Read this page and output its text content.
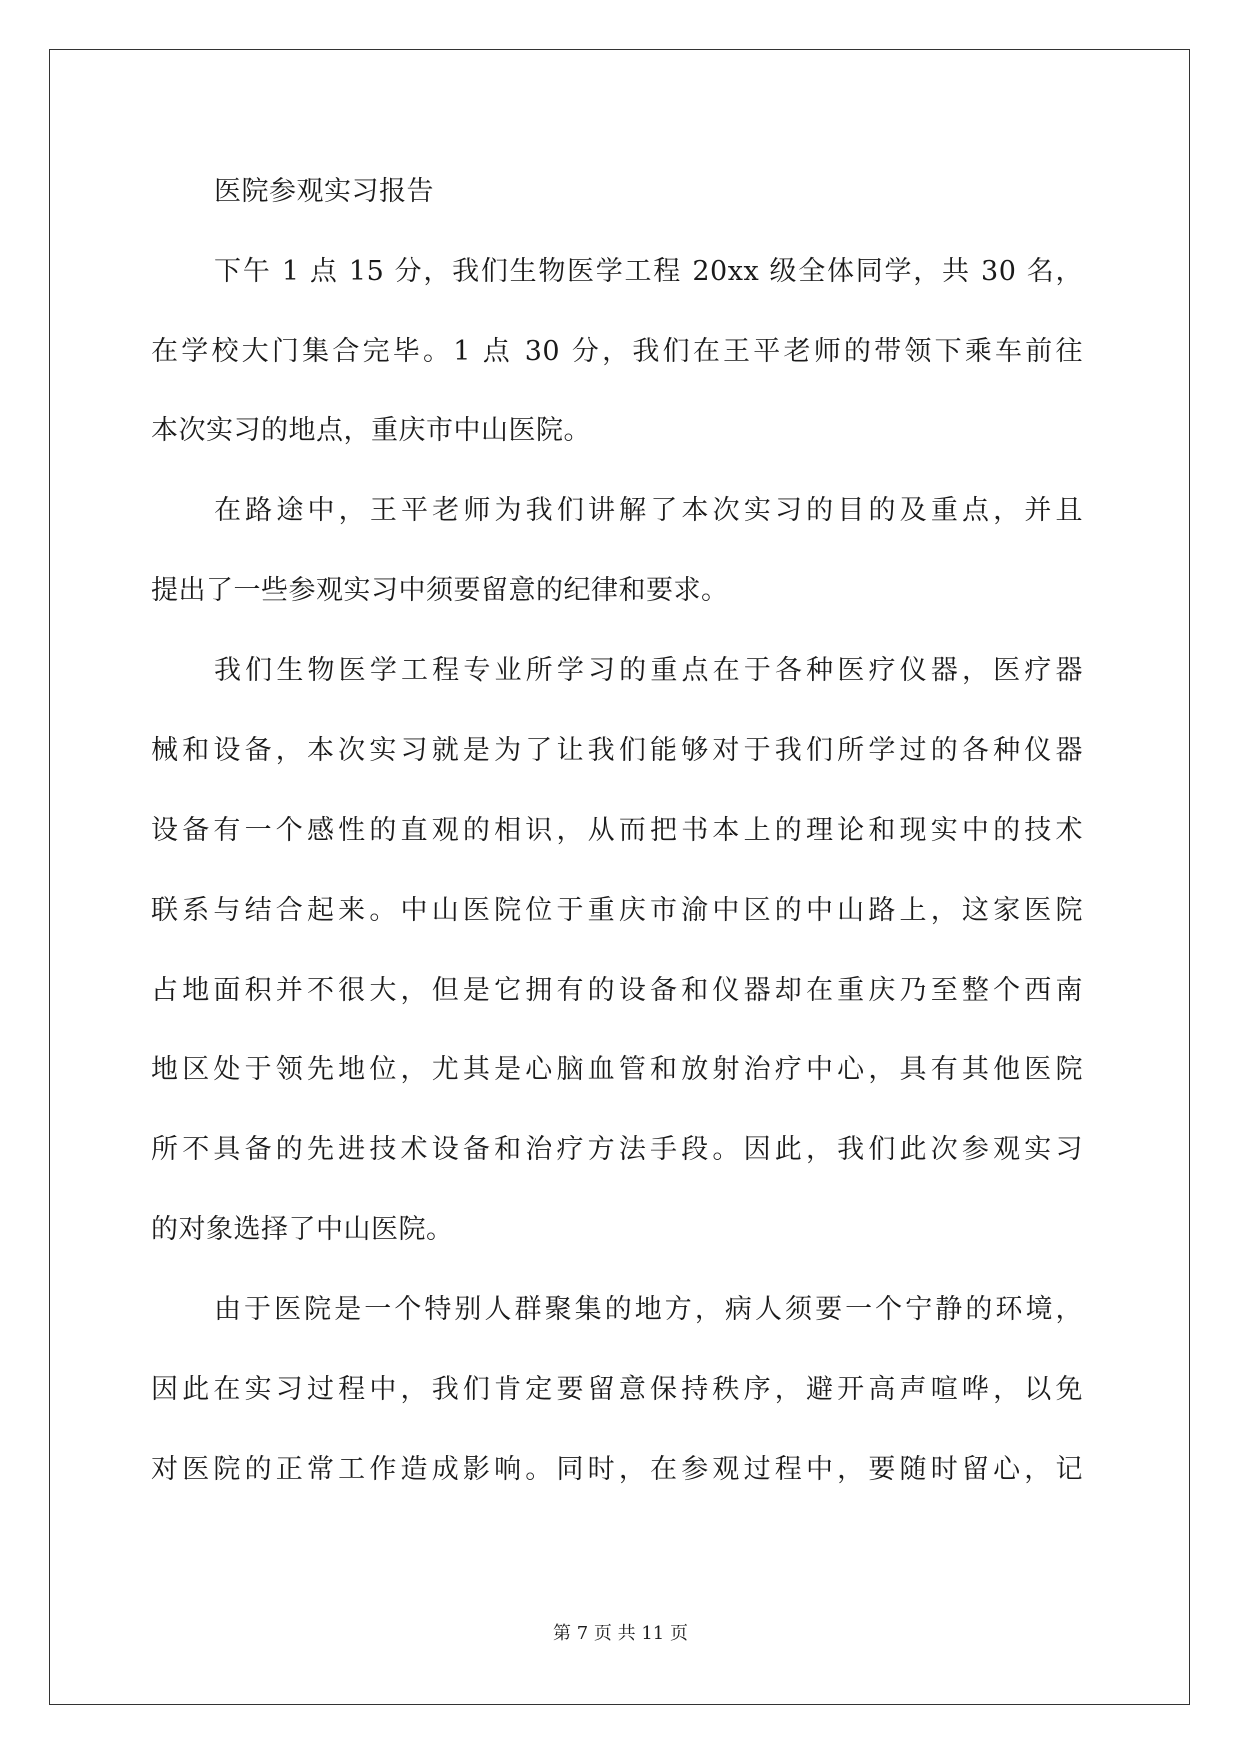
医院参观实习报告
下午 1 点 15 分，我们生物医学工程 20xx 级全体同学，共 30 名，
在学校大门集合完毕。1 点 30 分，我们在王平老师的带领下乘车前往
本次实习的地点，重庆市中山医院。
在路途中，王平老师为我们讲解了本次实习的目的及重点，并且
提出了一些参观实习中须要留意的纪律和要求。
我们生物医学工程专业所学习的重点在于各种医疗仪器，医疗器
械和设备，本次实习就是为了让我们能够对于我们所学过的各种仪器
设备有一个感性的直观的相识，从而把书本上的理论和现实中的技术
联系与结合起来。中山医院位于重庆市渝中区的中山路上，这家医院
占地面积并不很大，但是它拥有的设备和仪器却在重庆乃至整个西南
地区处于领先地位，尤其是心脑血管和放射治疗中心，具有其他医院
所不具备的先进技术设备和治疗方法手段。因此，我们此次参观实习
的对象选择了中山医院。
由于医院是一个特别人群聚集的地方，病人须要一个宁静的环境，
因此在实习过程中，我们肯定要留意保持秩序，避开高声喧哗，以免
对医院的正常工作造成影响。同时，在参观过程中，要随时留心，记
第 7 页 共 11 页
